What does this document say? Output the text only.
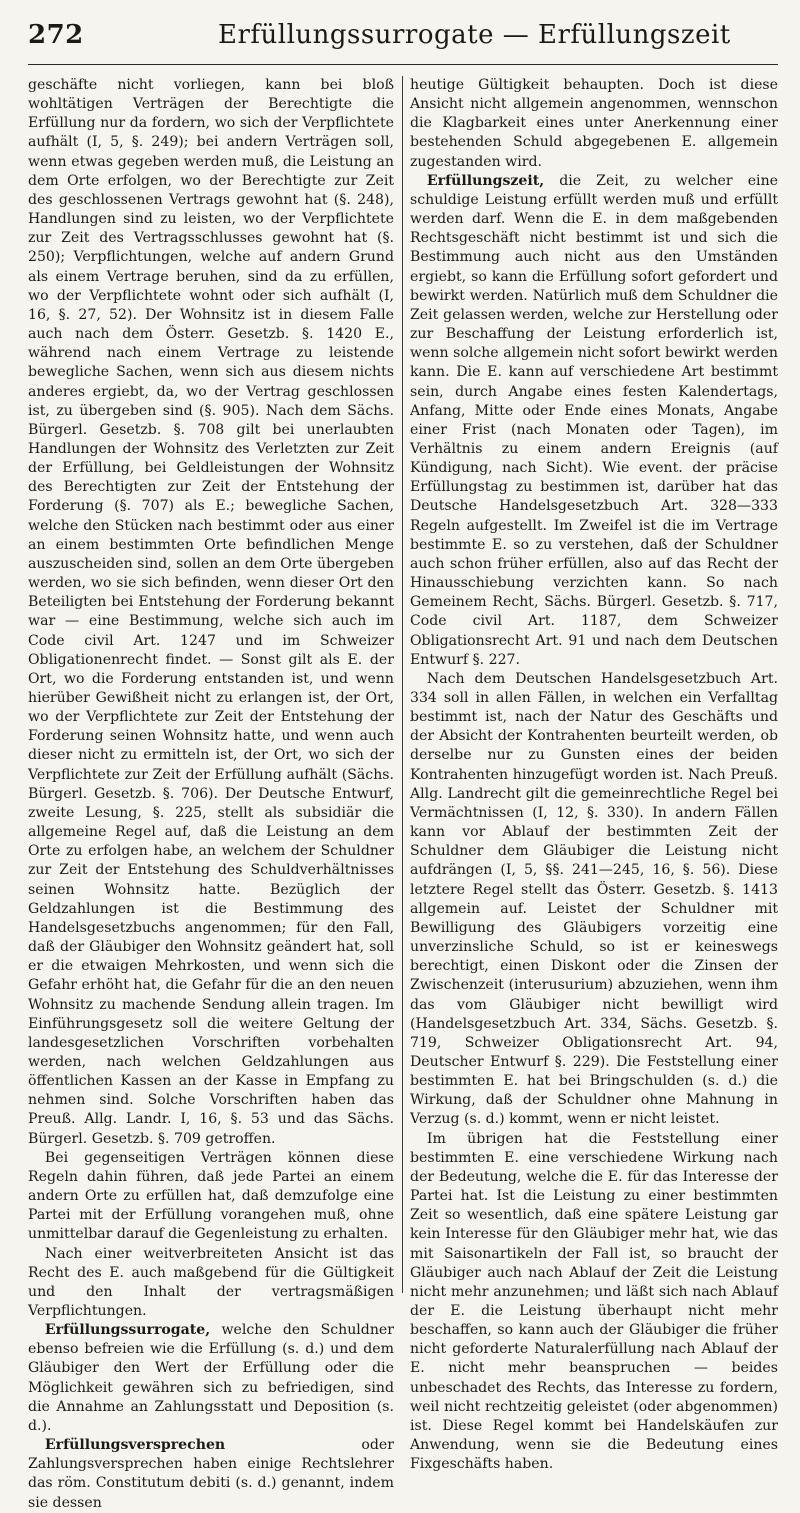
272	Erfüllungssurrogate — Erfüllungszeit

geschäfte nicht vorliegen, kann bei bloß wohltätigen Verträgen der Berechtigte die Erfüllung nur da fordern, wo sich der Verpflichtete aufhält (I, 5, §. 249); bei andern Verträgen soll, wenn etwas gegeben werden muß, die Leistung an dem Orte erfolgen, wo der Berechtigte zur Zeit des geschlossenen Vertrags gewohnt hat (§. 248), Handlungen sind zu leisten, wo der Verpflichtete zur Zeit des Vertragsschlusses gewohnt hat (§. 250); Verpflichtungen, welche auf andern Grund als einem Vertrage beruhen, sind da zu erfüllen, wo der Verpflichtete wohnt oder sich aufhält (I, 16, §. 27, 52). Der Wohnsitz ist in diesem Falle auch nach dem Österr. Gesetzb. §. 1420 E., während nach einem Vertrage zu leistende bewegliche Sachen, wenn sich aus diesem nichts anderes ergiebt, da, wo der Vertrag geschlossen ist, zu übergeben sind (§. 905). Nach dem Sächs. Bürgerl. Gesetzb. §. 708 gilt bei unerlaubten Handlungen der Wohnsitz des Verletzten zur Zeit der Erfüllung, bei Geldleistungen der Wohnsitz des Berechtigten zur Zeit der Entstehung der Forderung (§. 707) als E.; bewegliche Sachen, welche den Stücken nach bestimmt oder aus einer an einem bestimmten Orte befindlichen Menge auszuscheiden sind, sollen an dem Orte übergeben werden, wo sie sich befinden, wenn dieser Ort den Beteiligten bei Entstehung der Forderung bekannt war — eine Bestimmung, welche sich auch im Code civil Art. 1247 und im Schweizer Obligationenrecht findet. — Sonst gilt als E. der Ort, wo die Forderung entstanden ist, und wenn hierüber Gewißheit nicht zu erlangen ist, der Ort, wo der Verpflichtete zur Zeit der Entstehung der Forderung seinen Wohnsitz hatte, und wenn auch dieser nicht zu ermitteln ist, der Ort, wo sich der Verpflichtete zur Zeit der Erfüllung aufhält (Sächs. Bürgerl. Gesetzb. §. 706). Der Deutsche Entwurf, zweite Lesung, §. 225, stellt als subsidiär die allgemeine Regel auf, daß die Leistung an dem Orte zu erfolgen habe, an welchem der Schuldner zur Zeit der Entstehung des Schuldverhältnisses seinen Wohnsitz hatte. Bezüglich der Geldzahlungen ist die Bestimmung des Handelsgesetzbuchs angenommen; für den Fall, daß der Gläubiger den Wohnsitz geändert hat, soll er die etwaigen Mehrkosten, und wenn sich die Gefahr erhöht hat, die Gefahr für die an den neuen Wohnsitz zu machende Sendung allein tragen. Im Einführungsgesetz soll die weitere Geltung der landesgesetzlichen Vorschriften vorbehalten werden, nach welchen Geldzahlungen aus öffentlichen Kassen an der Kasse in Empfang zu nehmen sind. Solche Vorschriften haben das Preuß. Allg. Landr. I, 16, §. 53 und das Sächs. Bürgerl. Gesetzb. §. 709 getroffen.

Bei gegenseitigen Verträgen können diese Regeln dahin führen, daß jede Partei an einem andern Orte zu erfüllen hat, daß demzufolge eine Partei mit der Erfüllung vorangehen muß, ohne unmittelbar darauf die Gegenleistung zu erhalten.

Nach einer weitverbreiteten Ansicht ist das Recht des E. auch maßgebend für die Gültigkeit und den Inhalt der vertragsmäßigen Verpflichtungen.

Erfüllungssurrogate, welche den Schuldner ebenso befreien wie die Erfüllung (s. d.) und dem Gläubiger den Wert der Erfüllung oder die Möglichkeit gewähren sich zu befriedigen, sind die Annahme an Zahlungsstatt und Deposition (s. d.).

Erfüllungsversprechen oder Zahlungsversprechen haben einige Rechtslehrer das röm. Constitutum debiti (s. d.) genannt, indem sie dessen

heutige Gültigkeit behaupten. Doch ist diese Ansicht nicht allgemein angenommen, wennschon die Klagbarkeit eines unter Anerkennung einer bestehenden Schuld abgegebenen E. allgemein zugestanden wird.

Erfüllungszeit, die Zeit, zu welcher eine schuldige Leistung erfüllt werden muß und erfüllt werden darf. Wenn die E. in dem maßgebenden Rechtsgeschäft nicht bestimmt ist und sich die Bestimmung auch nicht aus den Umständen ergiebt, so kann die Erfüllung sofort gefordert und bewirkt werden. Natürlich muß dem Schuldner die Zeit gelassen werden, welche zur Herstellung oder zur Beschaffung der Leistung erforderlich ist, wenn solche allgemein nicht sofort bewirkt werden kann. Die E. kann auf verschiedene Art bestimmt sein, durch Angabe eines festen Kalendertags, Anfang, Mitte oder Ende eines Monats, Angabe einer Frist (nach Monaten oder Tagen), im Verhältnis zu einem andern Ereignis (auf Kündigung, nach Sicht). Wie event. der präcise Erfüllungstag zu bestimmen ist, darüber hat das Deutsche Handelsgesetzbuch Art. 328—333 Regeln aufgestellt. Im Zweifel ist die im Vertrage bestimmte E. so zu verstehen, daß der Schuldner auch schon früher erfüllen, also auf das Recht der Hinausschiebung verzichten kann. So nach Gemeinem Recht, Sächs. Bürgerl. Gesetzb. §. 717, Code civil Art. 1187, dem Schweizer Obligationsrecht Art. 91 und nach dem Deutschen Entwurf §. 227.

Nach dem Deutschen Handelsgesetzbuch Art. 334 soll in allen Fällen, in welchen ein Verfalltag bestimmt ist, nach der Natur des Geschäfts und der Absicht der Kontrahenten beurteilt werden, ob derselbe nur zu Gunsten eines der beiden Kontrahenten hinzugefügt worden ist. Nach Preuß. Allg. Landrecht gilt die gemeinrechtliche Regel bei Vermächtnissen (I, 12, §. 330). In andern Fällen kann vor Ablauf der bestimmten Zeit der Schuldner dem Gläubiger die Leistung nicht aufdrängen (I, 5, §§. 241—245, 16, §. 56). Diese letztere Regel stellt das Österr. Gesetzb. §. 1413 allgemein auf. Leistet der Schuldner mit Bewilligung des Gläubigers vorzeitig eine unverzinsliche Schuld, so ist er keineswegs berechtigt, einen Diskont oder die Zinsen der Zwischenzeit (interusurium) abzuziehen, wenn ihm das vom Gläubiger nicht bewilligt wird (Handelsgesetzbuch Art. 334, Sächs. Gesetzb. §. 719, Schweizer Obligationsrecht Art. 94, Deutscher Entwurf §. 229). Die Feststellung einer bestimmten E. hat bei Bringschulden (s. d.) die Wirkung, daß der Schuldner ohne Mahnung in Verzug (s. d.) kommt, wenn er nicht leistet.

Im übrigen hat die Feststellung einer bestimmten E. eine verschiedene Wirkung nach der Bedeutung, welche die E. für das Interesse der Partei hat. Ist die Leistung zu einer bestimmten Zeit so wesentlich, daß eine spätere Leistung gar kein Interesse für den Gläubiger mehr hat, wie das mit Saisonartikeln der Fall ist, so braucht der Gläubiger auch nach Ablauf der Zeit die Leistung nicht mehr anzunehmen; und läßt sich nach Ablauf der E. die Leistung überhaupt nicht mehr beschaffen, so kann auch der Gläubiger die früher nicht geforderte Naturalerfüllung nach Ablauf der E. nicht mehr beanspruchen — beides unbeschadet des Rechts, das Interesse zu fordern, weil nicht rechtzeitig geleistet (oder abgenommen) ist. Diese Regel kommt bei Handelskäufen zur Anwendung, wenn sie die Bedeutung eines Fixgeschäfts haben.
